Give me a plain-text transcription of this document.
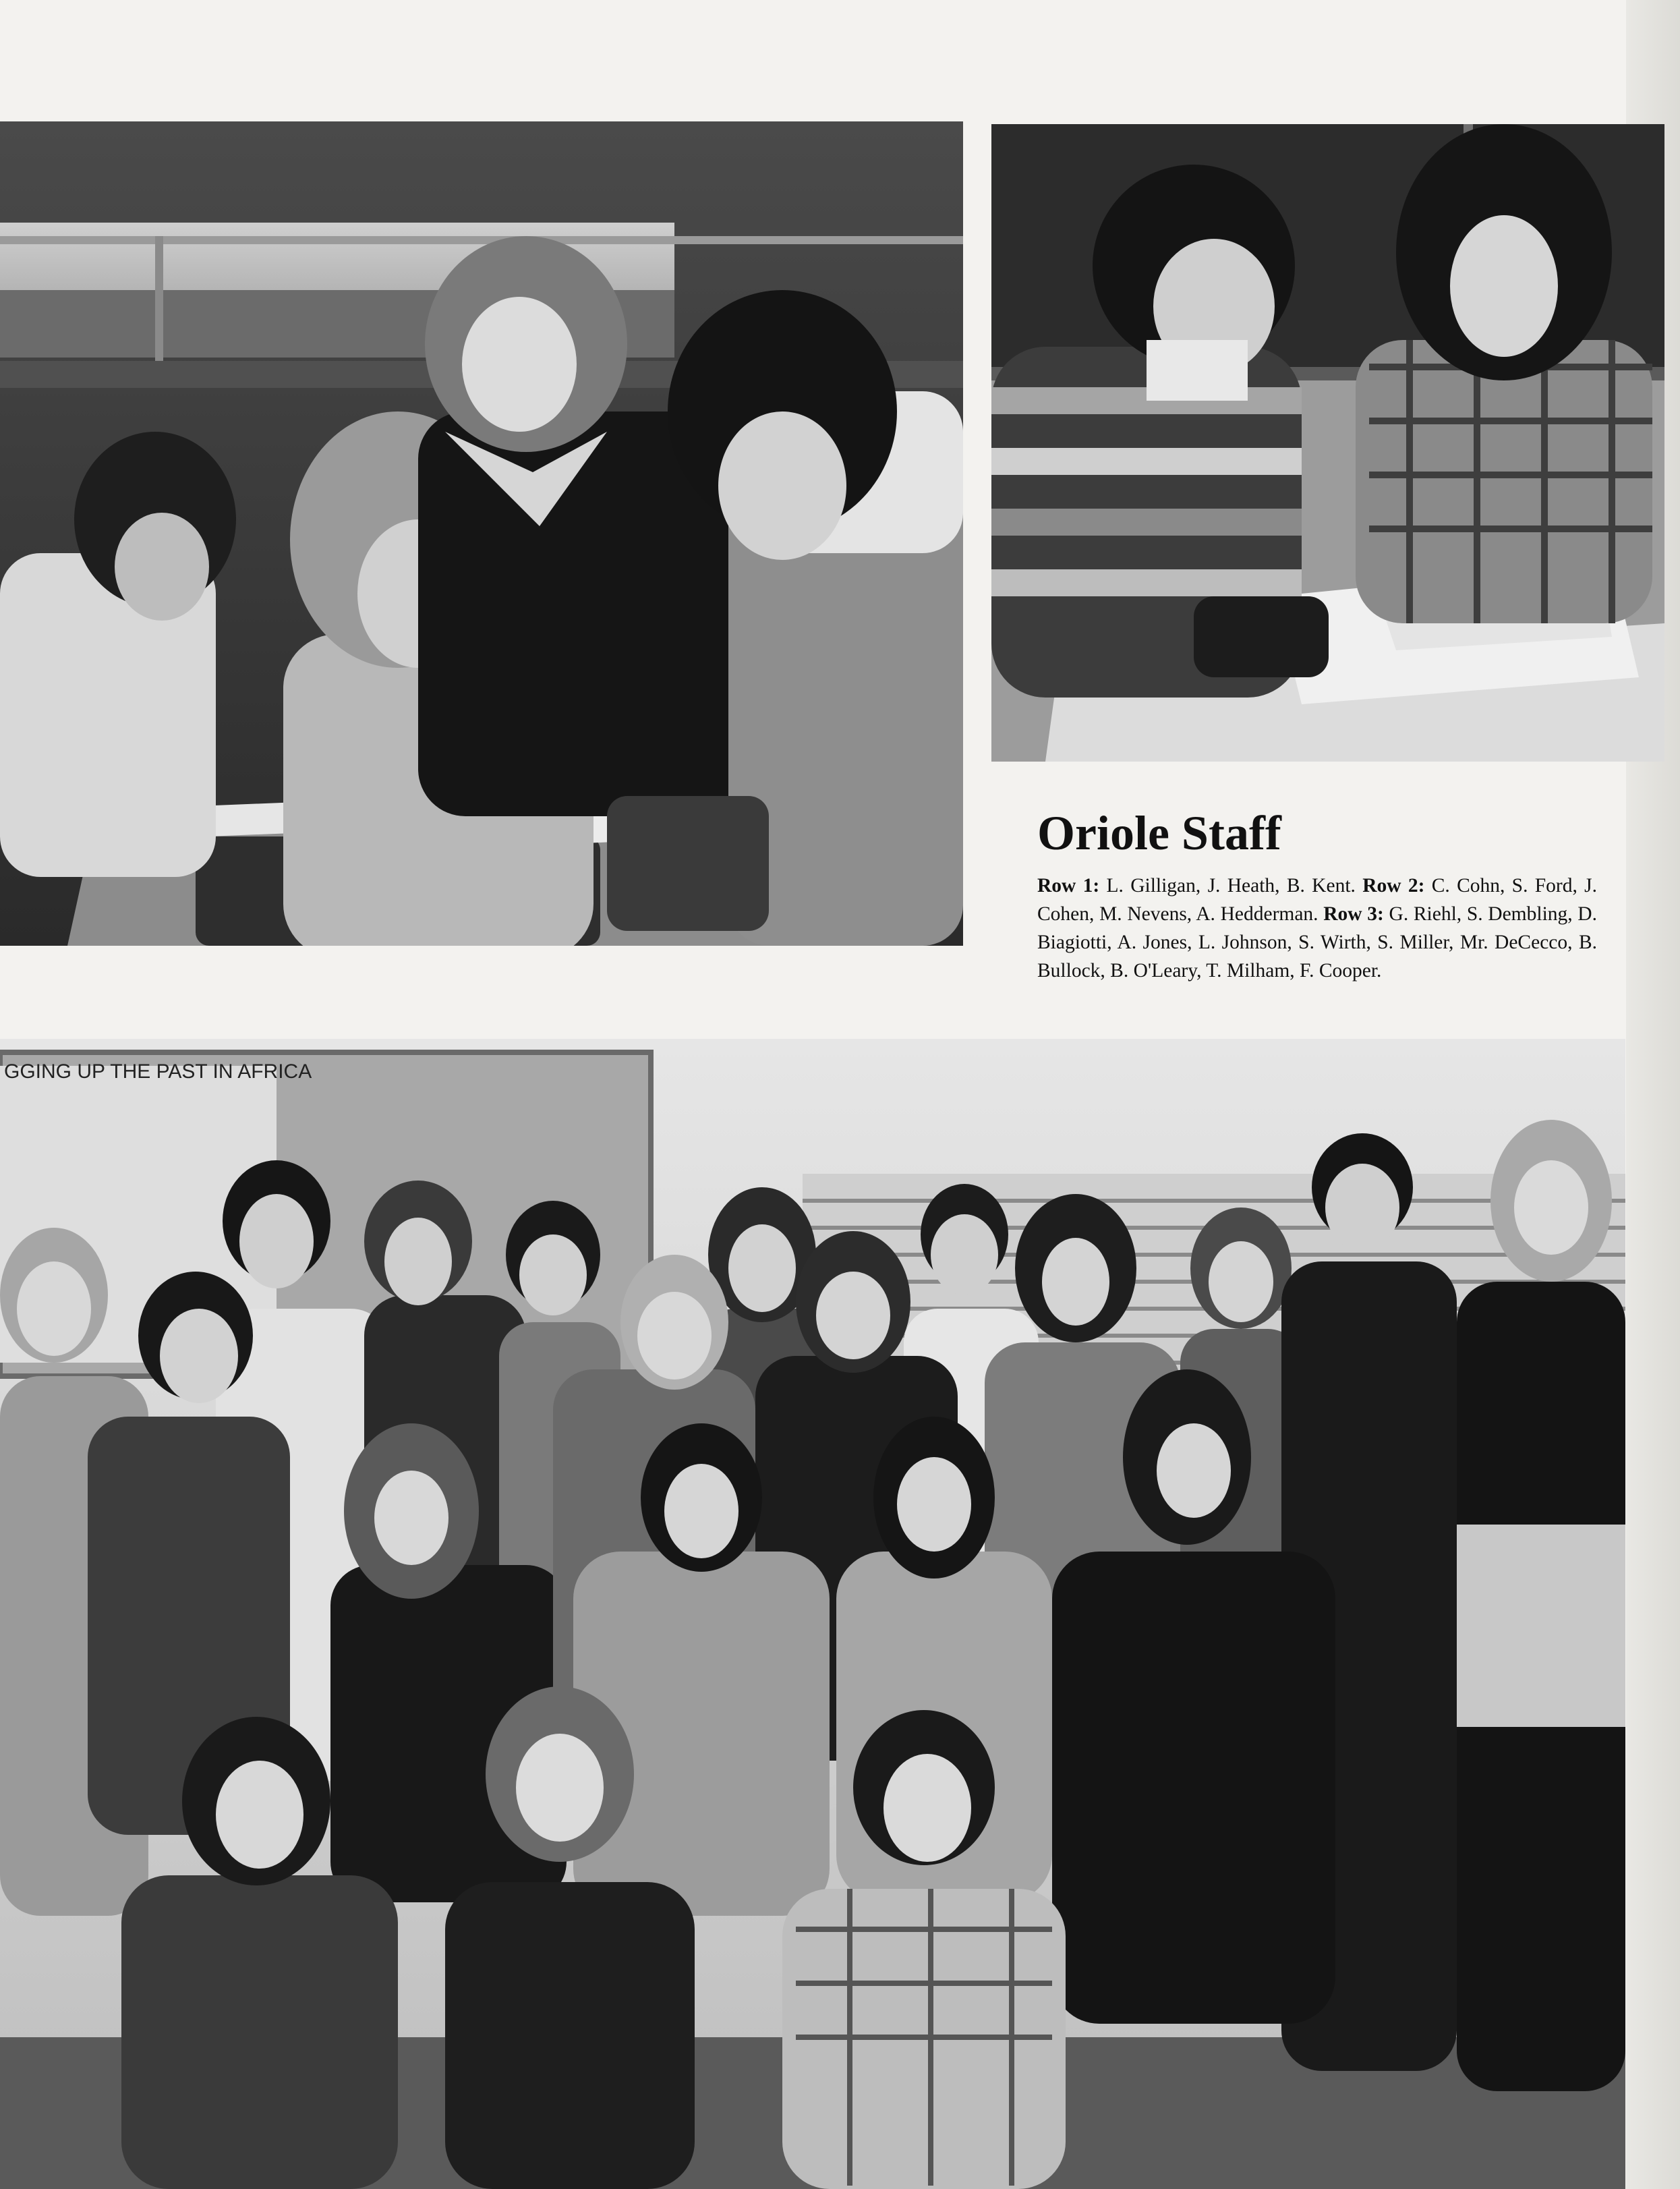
Oriole Staff

Row 1: L. Gilligan, J. Heath, B. Kent. Row 2: C. Cohn, S. Ford, J. Cohen, M. Nevens, A. Hedderman. Row 3: G. Riehl, S. Dembling, D. Biagiotti, A. Jones, L. Johnson, S. Wirth, S. Miller, Mr. DeCecco, B. Bullock, B. O'Leary, T. Milham, F. Cooper.

GGING UP THE PAST IN AFRICA
